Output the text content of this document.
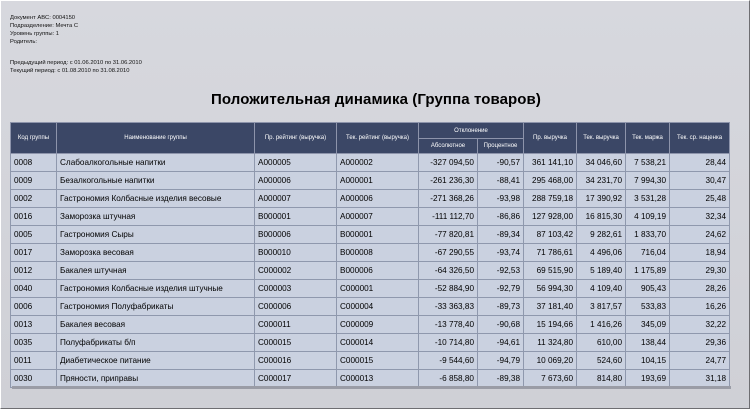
Документ ABC: 0004150
Подразделение: Мечта С
Уровень группы: 1
Родитель:
Предыдущий период: с 01.06.2010 по 31.06.2010
Текущий период: с 01.08.2010 по 31.08.2010
Положительная динамика (Группа товаров)
Код группы	Наименование группы	Пр. рейтинг (выручка)	Тек. рейтинг (выручка)	Отклонение		Пр. выручка	Тек. выручка	Тек. маржа	Тек. ср. наценка
				Абсолютное	Процентное				
0008	Слабоалкогольные напитки	A000005	A000002	-327 094,50	-90,57	361 141,10	34 046,60	7 538,21	28,44
0009	Безалкогольные напитки	A000006	A000001	-261 236,30	-88,41	295 468,00	34 231,70	7 994,30	30,47
0002	Гастрономия Колбасные изделия весовые	A000007	A000006	-271 368,26	-93,98	288 759,18	17 390,92	3 531,28	25,48
0016	Заморозка штучная	B000001	A000007	-111 112,70	-86,86	127 928,00	16 815,30	4 109,19	32,34
0005	Гастрономия Сыры	B000006	B000001	-77 820,81	-89,34	87 103,42	9 282,61	1 833,70	24,62
0017	Заморозка весовая	B000010	B000008	-67 290,55	-93,74	71 786,61	4 496,06	716,04	18,94
0012	Бакалея штучная	C000002	B000006	-64 326,50	-92,53	69 515,90	5 189,40	1 175,89	29,30
0040	Гастрономия Колбасные изделия штучные	C000003	C000001	-52 884,90	-92,79	56 994,30	4 109,40	905,43	28,26
0006	Гастрономия Полуфабрикаты	C000006	C000004	-33 363,83	-89,73	37 181,40	3 817,57	533,83	16,26
0013	Бакалея весовая	C000011	C000009	-13 778,40	-90,68	15 194,66	1 416,26	345,09	32,22
0035	Полуфабрикаты б/п	C000015	C000014	-10 714,80	-94,61	11 324,80	610,00	138,44	29,36
0011	Диабетическое питание	C000016	C000015	-9 544,60	-94,79	10 069,20	524,60	104,15	24,77
0030	Пряности, приправы	C000017	C000013	-6 858,80	-89,38	7 673,60	814,80	193,69	31,18
